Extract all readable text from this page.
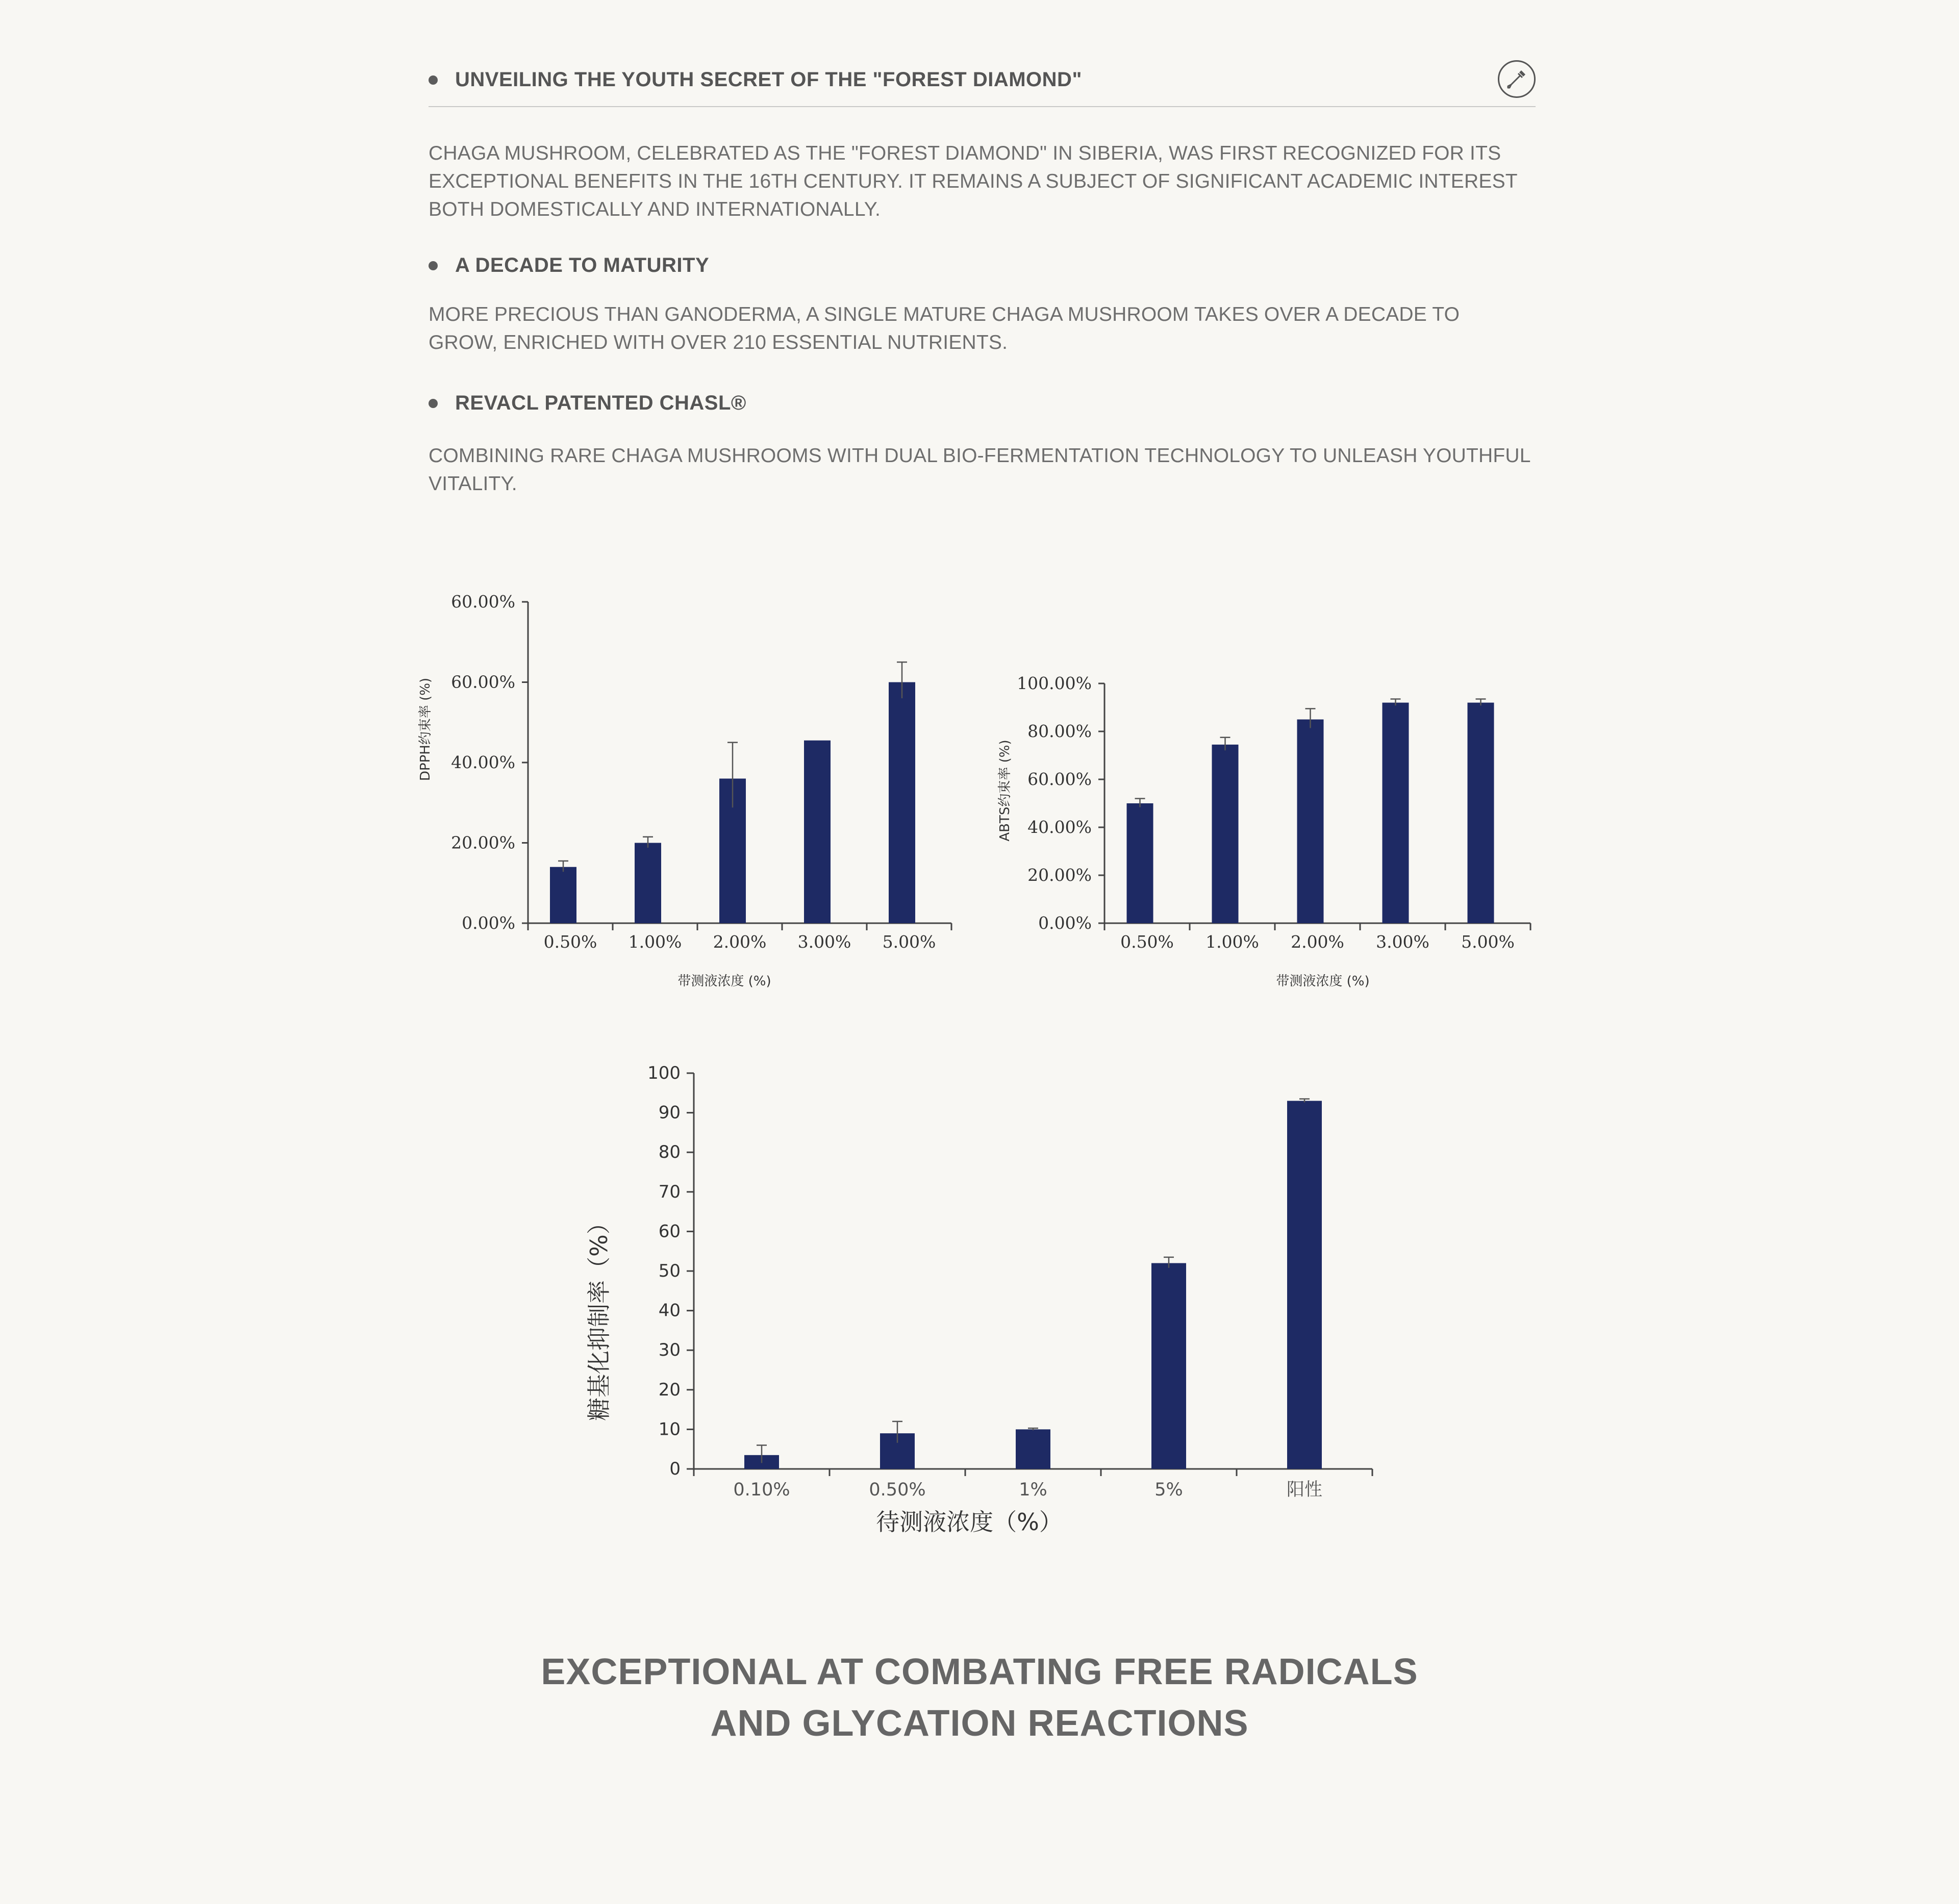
UNVEILING THE YOUTH SECRET OF THE "FOREST DIAMOND"
CHAGA MUSHROOM, CELEBRATED AS THE "FOREST DIAMOND" IN SIBERIA, WAS FIRST RECOGNIZED FOR ITS EXCEPTIONAL BENEFITS IN THE 16TH CENTURY. IT REMAINS A SUBJECT OF SIGNIFICANT ACADEMIC INTEREST BOTH DOMESTICALLY AND INTERNATIONALLY.
A DECADE TO MATURITY
MORE PRECIOUS THAN GANODERMA, A SINGLE MATURE CHAGA MUSHROOM TAKES OVER A DECADE TO GROW, ENRICHED WITH OVER 210 ESSENTIAL NUTRIENTS.
REVACL PATENTED CHASL®
COMBINING RARE CHAGA MUSHROOMS WITH DUAL BIO-FERMENTATION TECHNOLOGY TO UNLEASH YOUTHFUL VITALITY.
0.00%
20.00%
40.00%
60.00%
60.00%
0.50% 1.00% 2.00% 3.00% 5.00%
带测液浓度 (%)
DPPH约束率 (%)
0.00%
20.00%
40.00%
60.00%
80.00%
100.00%
0.50% 1.00% 2.00% 3.00% 5.00%
带测液浓度 (%)
ABTS约束率 (%)
0
10
20
30
40
50
60
70
80
90
100
0.10%	0.50%	1%	5%	阳性
待测液浓度（%）
糖基化抑制率（%）
EXCEPTIONAL AT COMBATING FREE RADICALS
AND GLYCATION REACTIONS
